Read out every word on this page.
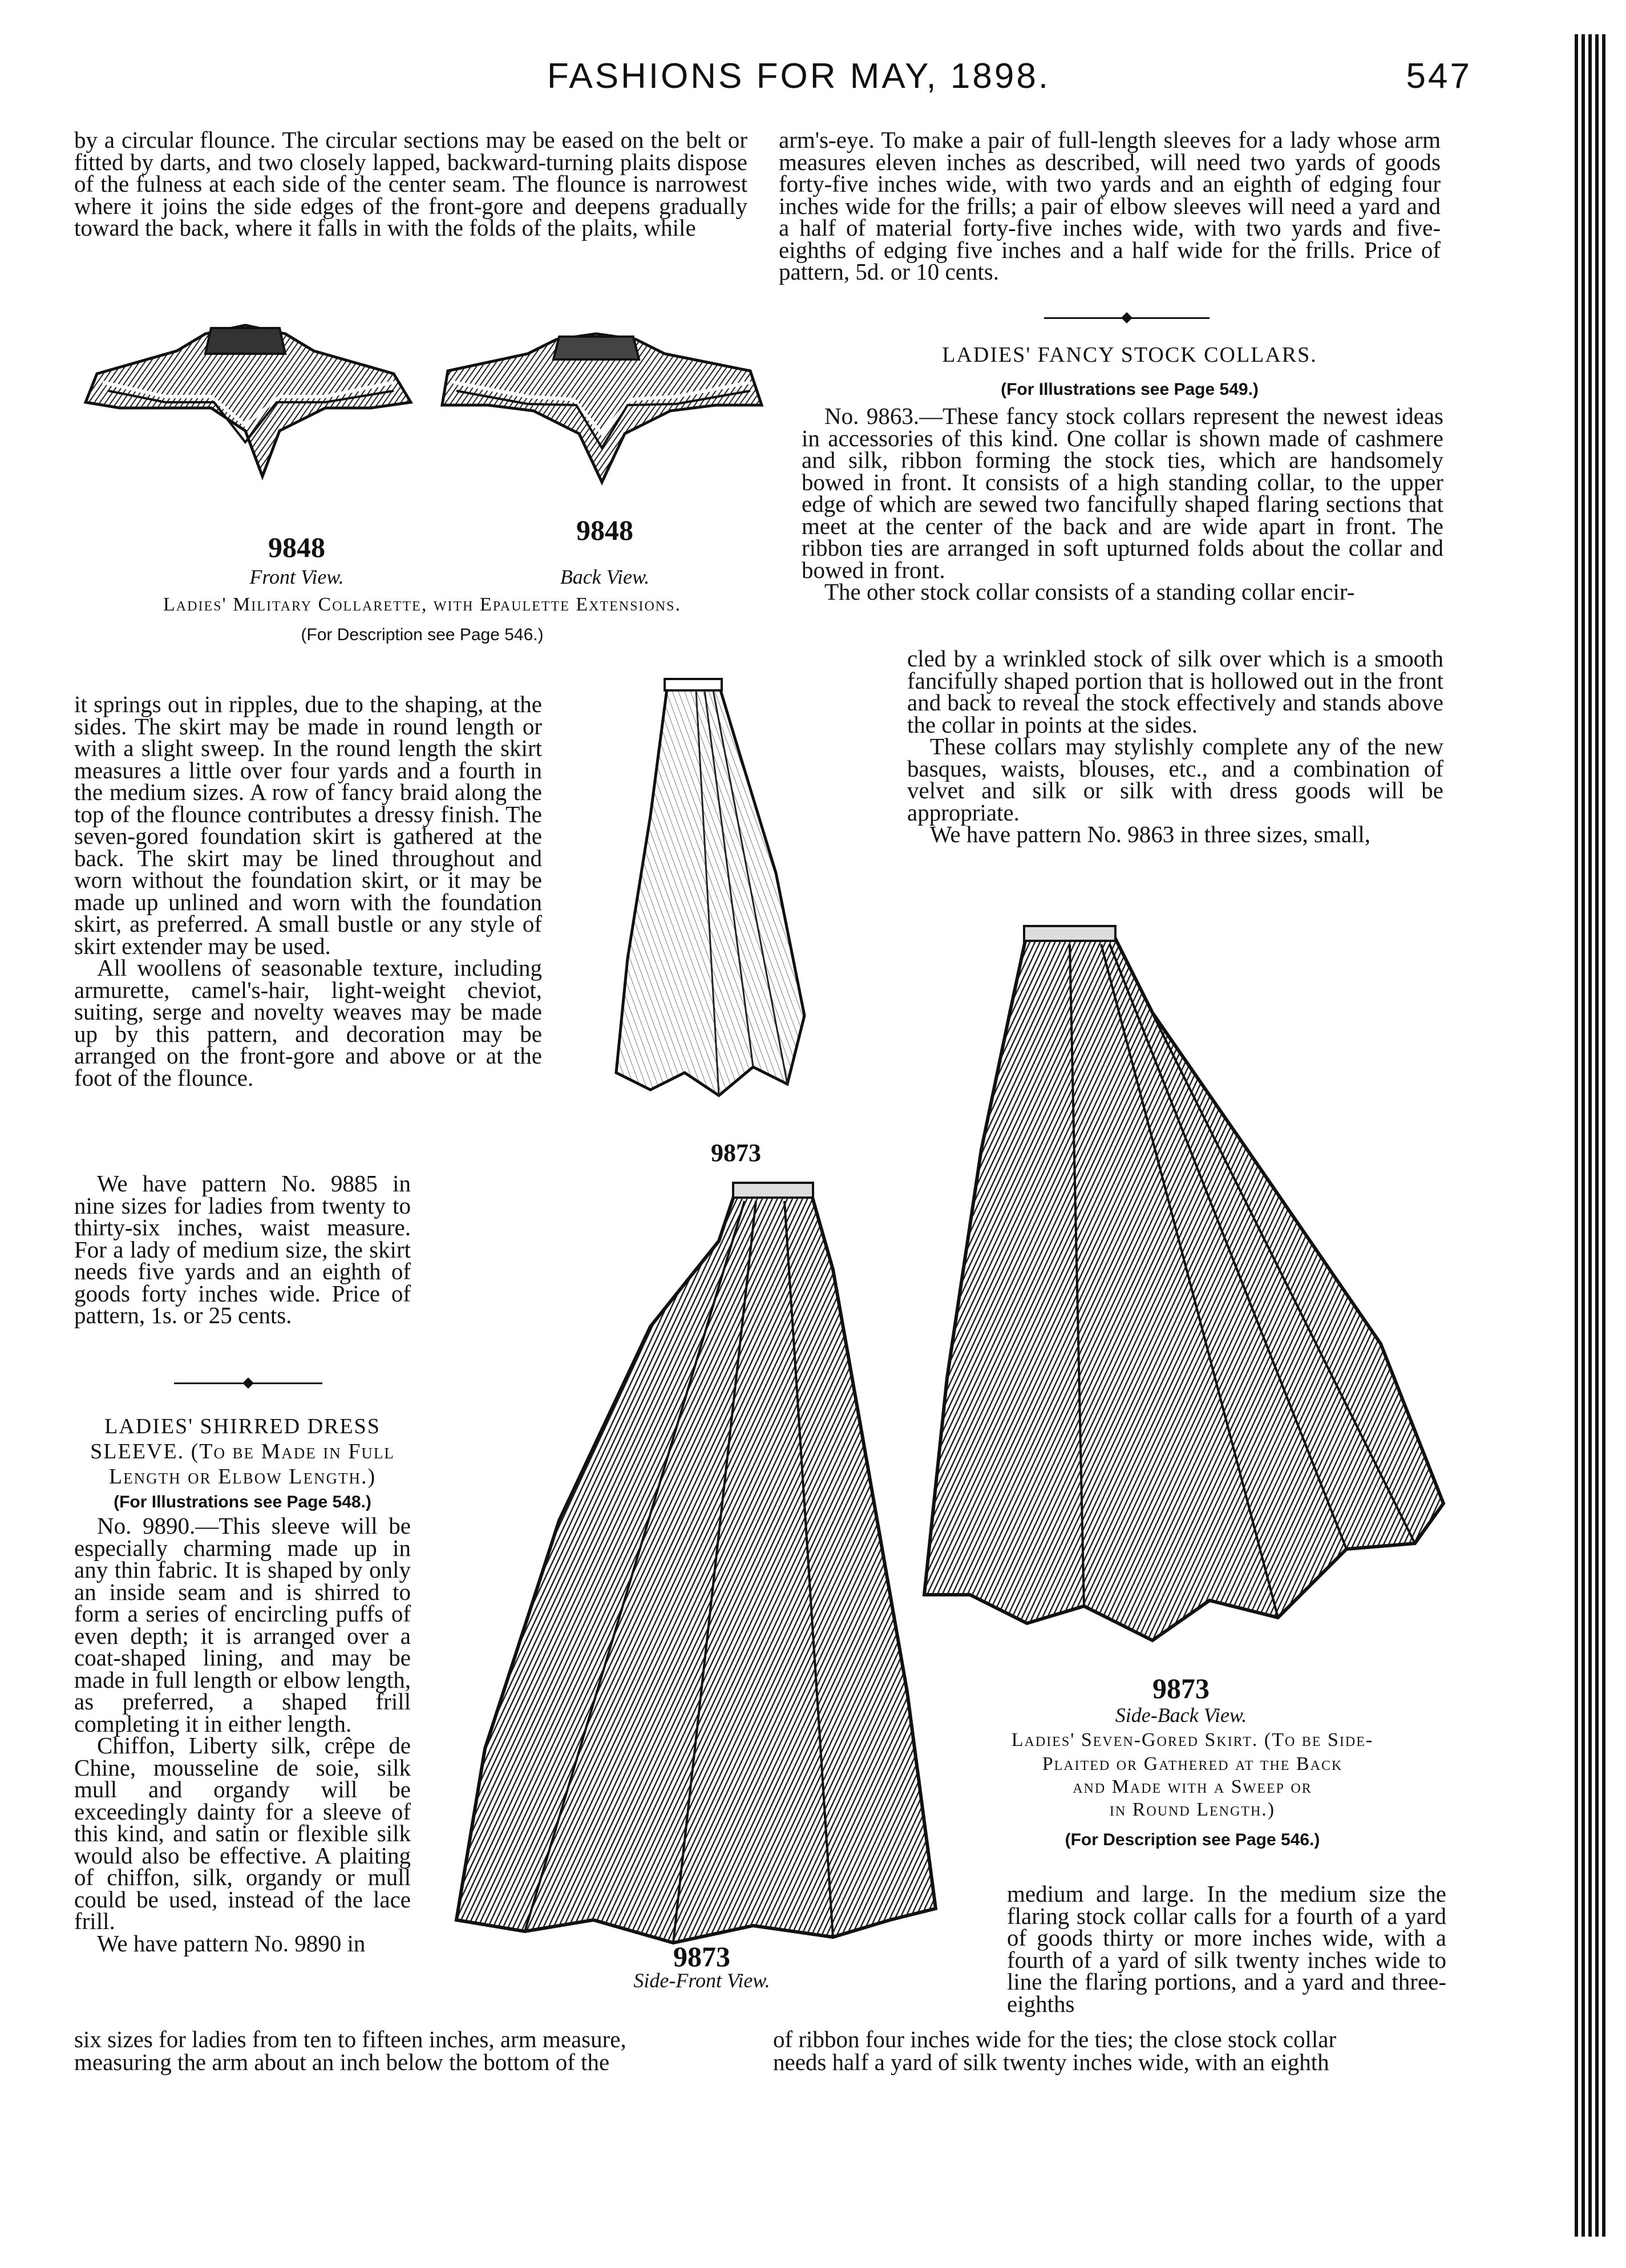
FASHIONS FOR MAY, 1898.	547
by a circular flounce. The circular sections may be eased on the belt or fitted by darts, and two closely lapped, backward-turning plaits dispose of the fulness at each side of the center seam. The flounce is narrowest where it joins the side edges of the front-gore and deepens gradually toward the back, where it falls in with the folds of the plaits, while
arm's-eye. To make a pair of full-length sleeves for a lady whose arm measures eleven inches as described, will need two yards of goods forty-five inches wide, with two yards and an eighth of edging four inches wide for the frills; a pair of elbow sleeves will need a yard and a half of material forty-five inches wide, with two yards and five-eighths of edging five inches and a half wide for the frills. Price of pattern, 5d. or 10 cents.
9848
9848
Front View.	Back View.
Ladies' Military Collarette, with Epaulette Extensions.
(For Description see Page 546.)
LADIES' FANCY STOCK COLLARS.
(For Illustrations see Page 549.)

No. 9863.—These fancy stock collars represent the newest ideas in accessories of this kind. One collar is shown made of cashmere and silk, ribbon forming the stock ties, which are handsomely bowed in front. It consists of a high standing collar, to the upper edge of which are sewed two fancifully shaped flaring sections that meet at the center of the back and are wide apart in front. The ribbon ties are arranged in soft upturned folds about the collar and bowed in front.

The other stock collar consists of a standing collar encir-

cled by a wrinkled stock of silk over which is a smooth fancifully shaped portion that is hollowed out in the front and back to reveal the stock effectively and stands above the collar in points at the sides.

These collars may stylishly complete any of the new basques, waists, blouses, etc., and a combination of velvet and silk or silk with dress goods will be appropriate.

We have pattern No. 9863 in three sizes, small,

it springs out in ripples, due to the shaping, at the sides. The skirt may be made in round length or with a slight sweep. In the round length the skirt measures a little over four yards and a fourth in the medium sizes. A row of fancy braid along the top of the flounce contributes a dressy finish. The seven-gored foundation skirt is gathered at the back. The skirt may be lined throughout and worn without the foundation skirt, or it may be made up unlined and worn with the foundation skirt, as preferred. A small bustle or any style of skirt extender may be used.

All woollens of seasonable texture, including armurette, camel's-hair, light-weight cheviot, suiting, serge and novelty weaves may be made up by this pattern, and decoration may be arranged on the front-gore and above or at the foot of the flounce.

We have pattern No. 9885 in nine sizes for ladies from twenty to thirty-six inches, waist measure. For a lady of medium size, the skirt needs five yards and an eighth of goods forty inches wide. Price of pattern, 1s. or 25 cents.

LADIES' SHIRRED DRESS
SLEEVE. (To be Made in Full
Length or Elbow Length.)
(For Illustrations see Page 548.)

No. 9890.—This sleeve will be especially charming made up in any thin fabric. It is shaped by only an inside seam and is shirred to form a series of encircling puffs of even depth; it is arranged over a coat-shaped lining, and may be made in full length or elbow length, as preferred, a shaped frill completing it in either length.

Chiffon, Liberty silk, crêpe de Chine, mousseline de soie, silk mull and organdy will be exceedingly dainty for a sleeve of this kind, and satin or flexible silk would also be effective. A plaiting of chiffon, silk, organdy or mull could be used, instead of the lace frill.

We have pattern No. 9890 in

six sizes for ladies from ten to fifteen inches, arm measure,
measuring the arm about an inch below the bottom of the
9873
9873
Side-Back View.
Ladies' Seven-Gored Skirt. (To be Side-
Plaited or Gathered at the Back
and Made with a Sweep or
in Round Length.)
(For Description see Page 546.)
9873
Side-Front View.
medium and large. In the medium size the flaring stock collar calls for a fourth of a yard of goods thirty or more inches wide, with a fourth of a yard of silk twenty inches wide to line the flaring portions, and a yard and three-eighths
of ribbon four inches wide for the ties; the close stock collar
needs half a yard of silk twenty inches wide, with an eighth
